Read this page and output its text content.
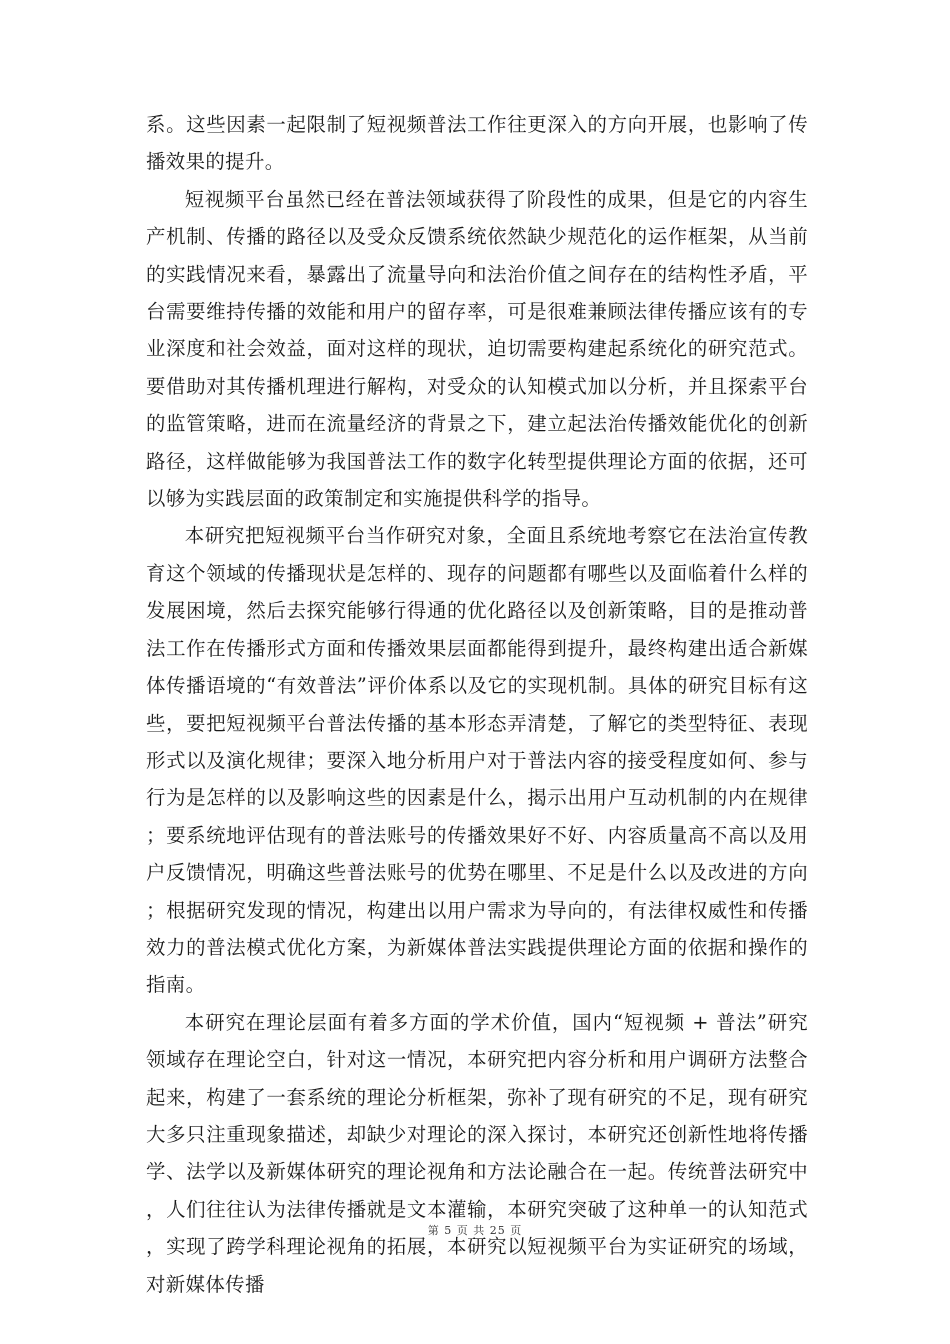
系。这些因素一起限制了短视频普法工作往更深入的方向开展，也影响了传播效果的提升。

短视频平台虽然已经在普法领域获得了阶段性的成果，但是它的内容生产机制、传播的路径以及受众反馈系统依然缺少规范化的运作框架，从当前的实践情况来看，暴露出了流量导向和法治价值之间存在的结构性矛盾，平台需要维持传播的效能和用户的留存率，可是很难兼顾法律传播应该有的专业深度和社会效益，面对这样的现状，迫切需要构建起系统化的研究范式。要借助对其传播机理进行解构，对受众的认知模式加以分析，并且探索平台的监管策略，进而在流量经济的背景之下，建立起法治传播效能优化的创新路径，这样做能够为我国普法工作的数字化转型提供理论方面的依据，还可以够为实践层面的政策制定和实施提供科学的指导。

本研究把短视频平台当作研究对象，全面且系统地考察它在法治宣传教育这个领域的传播现状是怎样的、现存的问题都有哪些以及面临着什么样的发展困境，然后去探究能够行得通的优化路径以及创新策略，目的是推动普法工作在传播形式方面和传播效果层面都能得到提升，最终构建出适合新媒体传播语境的“有效普法”评价体系以及它的实现机制。具体的研究目标有这些，要把短视频平台普法传播的基本形态弄清楚，了解它的类型特征、表现形式以及演化规律；要深入地分析用户对于普法内容的接受程度如何、参与行为是怎样的以及影响这些的因素是什么，揭示出用户互动机制的内在规律；要系统地评估现有的普法账号的传播效果好不好、内容质量高不高以及用户反馈情况，明确这些普法账号的优势在哪里、不足是什么以及改进的方向；根据研究发现的情况，构建出以用户需求为导向的，有法律权威性和传播效力的普法模式优化方案，为新媒体普法实践提供理论方面的依据和操作的指南。

本研究在理论层面有着多方面的学术价值，国内“短视频 + 普法”研究领域存在理论空白，针对这一情况，本研究把内容分析和用户调研方法整合起来，构建了一套系统的理论分析框架，弥补了现有研究的不足，现有研究大多只注重现象描述，却缺少对理论的深入探讨，本研究还创新性地将传播学、法学以及新媒体研究的理论视角和方法论融合在一起。传统普法研究中，人们往往认为法律传播就是文本灌输，本研究突破了这种单一的认知范式，实现了跨学科理论视角的拓展，本研究以短视频平台为实证研究的场域，对新媒体传播

第 5 页 共 25 页
